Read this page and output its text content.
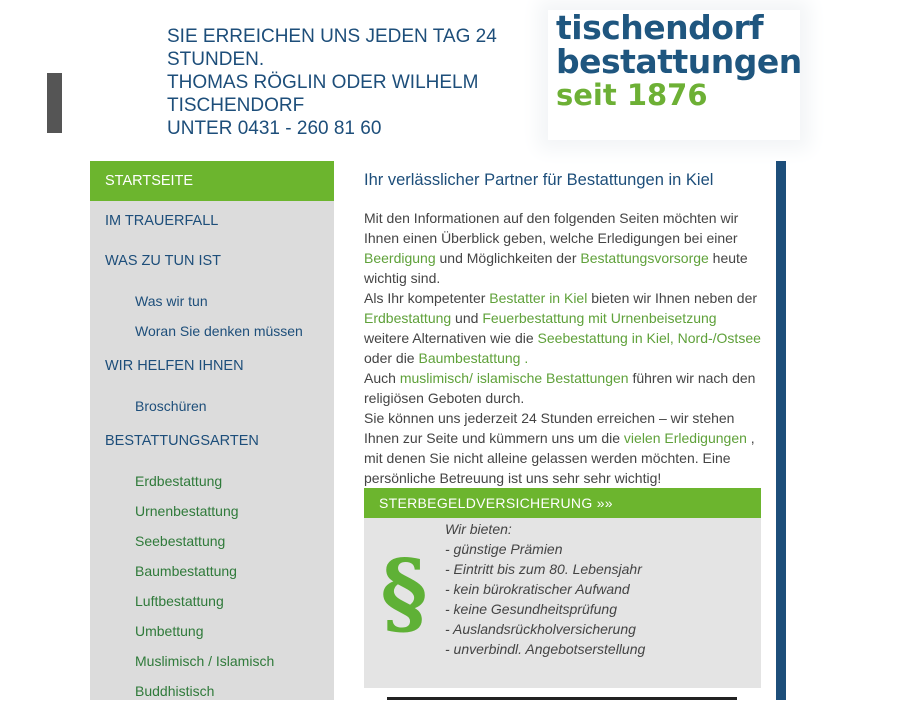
SIE ERREICHEN UNS JEDEN TAG 24
STUNDEN.
THOMAS RÖGLIN ODER WILHELM
TISCHENDORF
UNTER 0431 - 260 81 60
tischendorf
bestattungen
seit 1876
STARTSEITE
IM TRAUERFALL
WAS ZU TUN IST
Was wir tun
Woran Sie denken müssen
WIR HELFEN IHNEN
Broschüren
BESTATTUNGSARTEN
Erdbestattung
Urnenbestattung
Seebestattung
Baumbestattung
Luftbestattung
Umbettung
Muslimisch / Islamisch
Buddhistisch
Ihr verlässlicher Partner für Bestattungen in Kiel
Mit den Informationen auf den folgenden Seiten möchten wir Ihnen einen Überblick geben, welche Erledigungen bei einer Beerdigung und Möglichkeiten der Bestattungsvorsorge heute wichtig sind.
Als Ihr kompetenter Bestatter in Kiel bieten wir Ihnen neben der Erdbestattung und Feuerbestattung mit Urnenbeisetzung weitere Alternativen wie die Seebestattung in Kiel, Nord-/Ostsee oder die Baumbestattung .
Auch muslimisch/ islamische Bestattungen führen wir nach den religiösen Geboten durch.
Sie können uns jederzeit 24 Stunden erreichen – wir stehen Ihnen zur Seite und kümmern uns um die vielen Erledigungen , mit denen Sie nicht alleine gelassen werden möchten. Eine persönliche Betreuung ist uns sehr sehr wichtig!
STERBEGELDVERSICHERUNG »»
§
Wir bieten:
- günstige Prämien
- Eintritt bis zum 80. Lebensjahr
- kein bürokratischer Aufwand
- keine Gesundheitsprüfung
- Auslandsrückholversicherung
- unverbindl. Angebotserstellung
